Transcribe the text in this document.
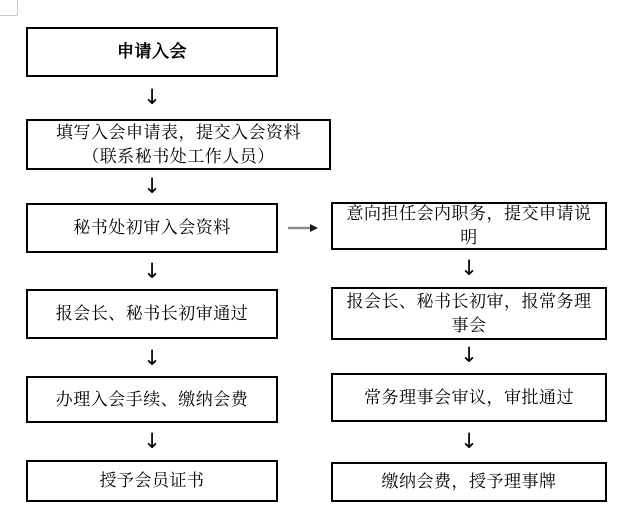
申请入会
↓
填写入会申请表，提交入会资料
（联系秘书处工作人员）
↓
秘书处初审入会资料
↓
报会长、秘书长初审通过
↓
办理入会手续、缴纳会费
↓
授予会员证书
意向担任会内职务，提交申请说
明
↓
报会长、秘书长初审，报常务理
事会
↓
常务理事会审议，审批通过
↓
缴纳会费，授予理事牌
